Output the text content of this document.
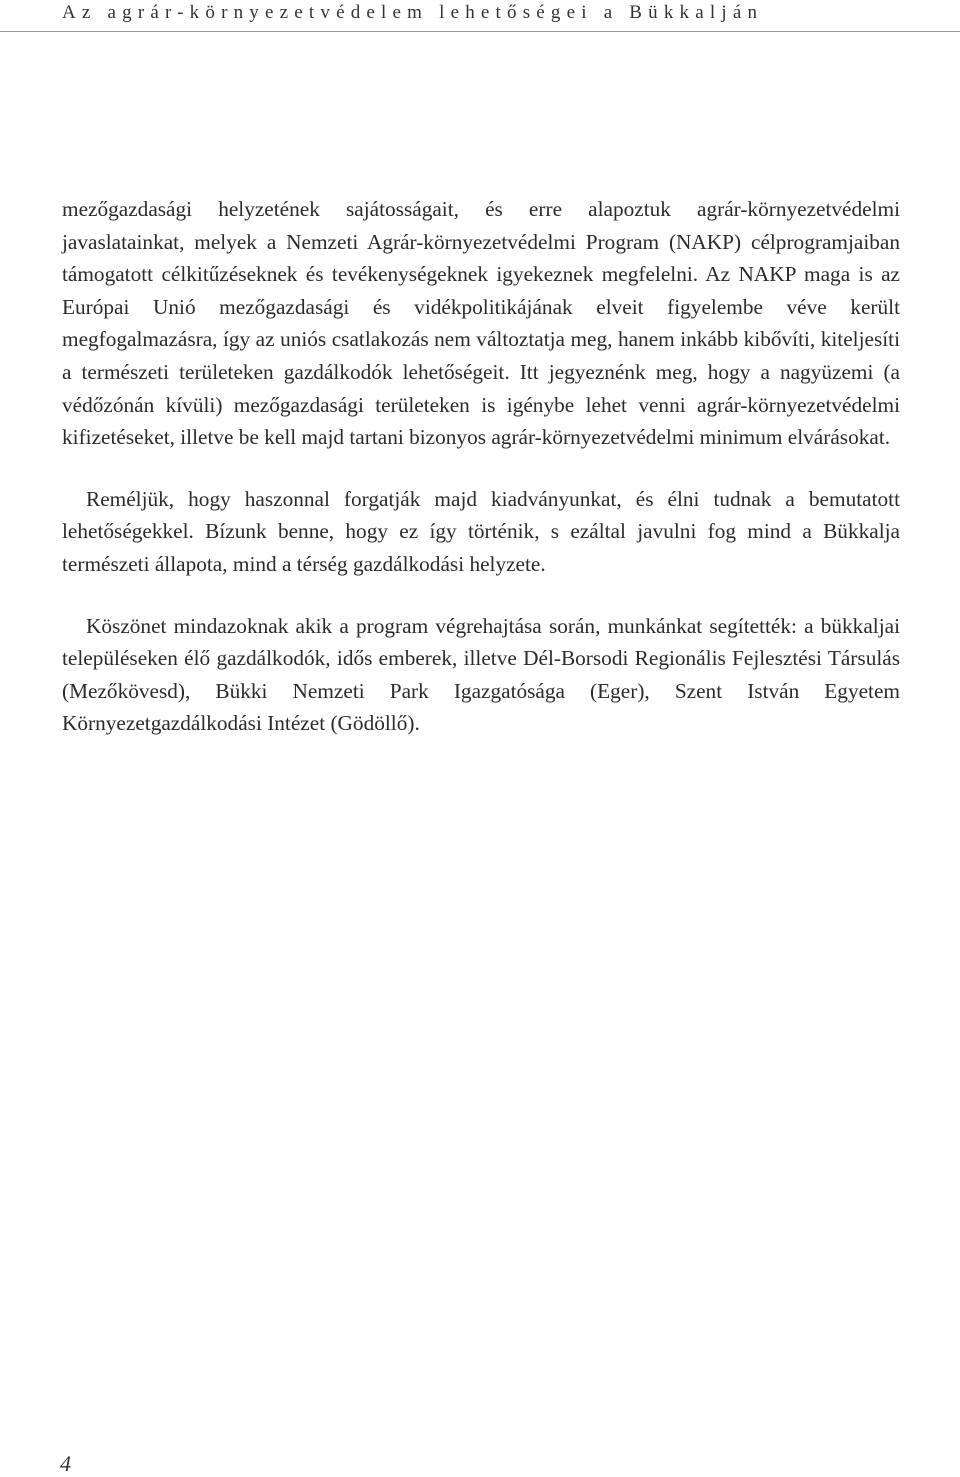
Az agrár-környezetvédelem lehetőségei a Bükkalján

mezőgazdasági helyzetének sajátosságait, és erre alapoztuk agrár-környezetvédelmi javaslatainkat, melyek a Nemzeti Agrár-környezetvédelmi Program (NAKP) célprogramjaiban támogatott célkitűzéseknek és tevékenységeknek igyekeznek megfelelni. Az NAKP maga is az Európai Unió mezőgazdasági és vidékpolitikájának elveit figyelembe véve került megfogalmazásra, így az uniós csatlakozás nem változtatja meg, hanem inkább kibővíti, kiteljesíti a természeti területeken gazdálkodók lehetőségeit. Itt jegyeznénk meg, hogy a nagyüzemi (a védőzónán kívüli) mezőgazdasági területeken is igénybe lehet venni agrár-környezetvédelmi kifizetéseket, illetve be kell majd tartani bizonyos agrár-környezetvédelmi minimum elvárásokat.

Reméljük, hogy haszonnal forgatják majd kiadványunkat, és élni tudnak a bemutatott lehetőségekkel. Bízunk benne, hogy ez így történik, s ezáltal javulni fog mind a Bükkalja természeti állapota, mind a térség gazdálkodási helyzete.

Köszönet mindazoknak akik a program végrehajtása során, munkánkat segítették: a bükkaljai településeken élő gazdálkodók, idős emberek, illetve Dél-Borsodi Regionális Fejlesztési Társulás (Mezőkövesd), Bükki Nemzeti Park Igazgatósága (Eger), Szent István Egyetem Környezetgazdálkodási Intézet (Gödöllő).

4
